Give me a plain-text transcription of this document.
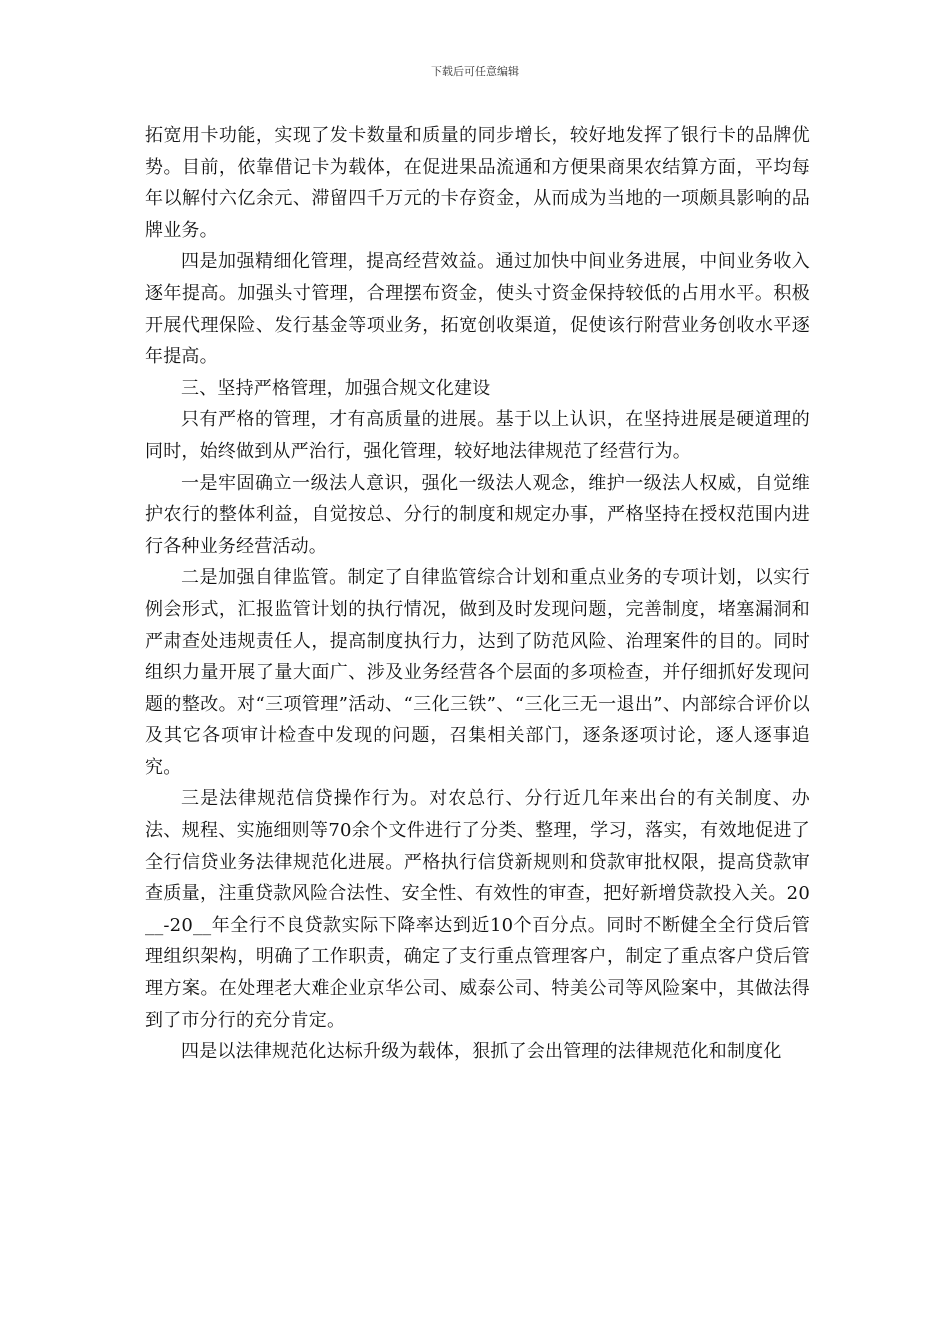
下载后可任意编辑

拓宽用卡功能，实现了发卡数量和质量的同步增长，较好地发挥了银行卡的品牌优势。目前，依靠借记卡为载体，在促进果品流通和方便果商果农结算方面，平均每年以解付六亿余元、滞留四千万元的卡存资金，从而成为当地的一项颇具影响的品牌业务。

四是加强精细化管理，提高经营效益。通过加快中间业务进展，中间业务收入逐年提高。加强头寸管理，合理摆布资金，使头寸资金保持较低的占用水平。积极开展代理保险、发行基金等项业务，拓宽创收渠道，促使该行附营业务创收水平逐年提高。

三、坚持严格管理，加强合规文化建设

只有严格的管理，才有高质量的进展。基于以上认识，在坚持进展是硬道理的同时，始终做到从严治行，强化管理，较好地法律规范了经营行为。

一是牢固确立一级法人意识，强化一级法人观念，维护一级法人权威，自觉维护农行的整体利益，自觉按总、分行的制度和规定办事，严格坚持在授权范围内进行各种业务经营活动。

二是加强自律监管。制定了自律监管综合计划和重点业务的专项计划，以实行例会形式，汇报监管计划的执行情况，做到及时发现问题，完善制度，堵塞漏洞和严肃查处违规责任人，提高制度执行力，达到了防范风险、治理案件的目的。同时组织力量开展了量大面广、涉及业务经营各个层面的多项检查，并仔细抓好发现问题的整改。对“三项管理”活动、“三化三铁”、“三化三无一退出”、内部综合评价以及其它各项审计检查中发现的问题，召集相关部门，逐条逐项讨论，逐人逐事追究。

三是法律规范信贷操作行为。对农总行、分行近几年来出台的有关制度、办法、规程、实施细则等70余个文件进行了分类、整理，学习，落实，有效地促进了全行信贷业务法律规范化进展。严格执行信贷新规则和贷款审批权限，提高贷款审查质量，注重贷款风险合法性、安全性、有效性的审查，把好新增贷款投入关。20__-20__年全行不良贷款实际下降率达到近10个百分点。同时不断健全全行贷后管理组织架构，明确了工作职责，确定了支行重点管理客户，制定了重点客户贷后管理方案。在处理老大难企业京华公司、威泰公司、特美公司等风险案中，其做法得到了市分行的充分肯定。

四是以法律规范化达标升级为载体，狠抓了会出管理的法律规范化和制度化
